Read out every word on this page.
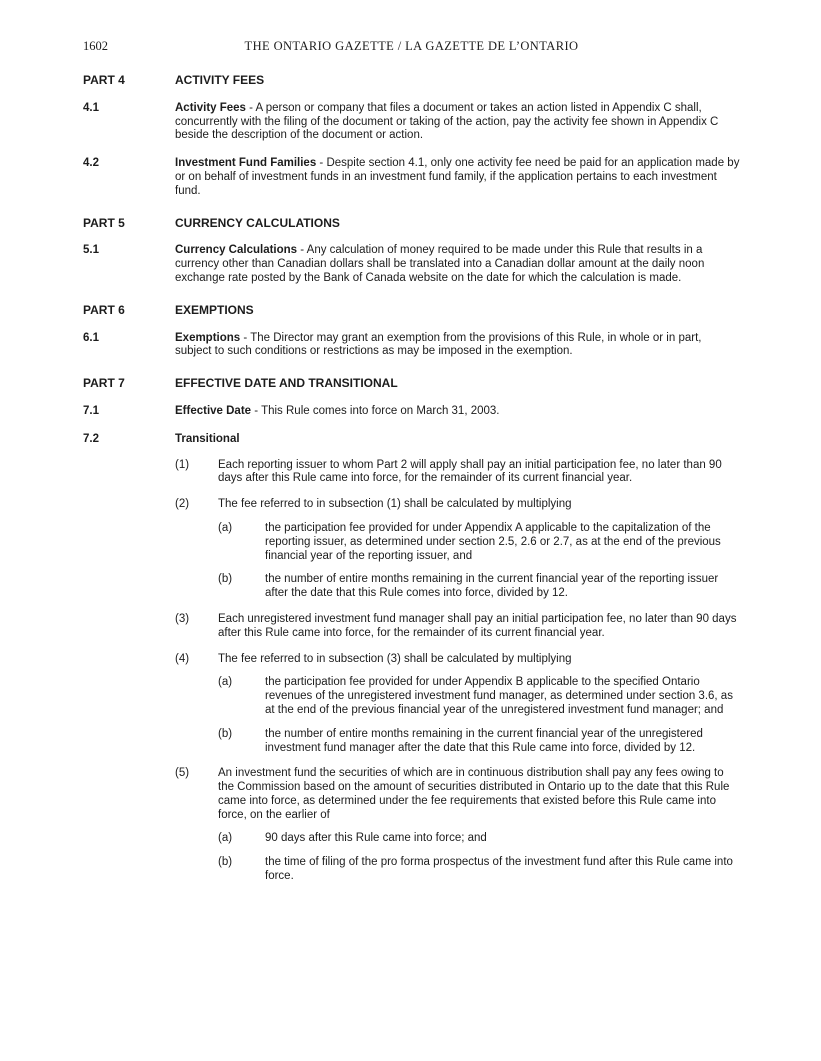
1602	THE ONTARIO GAZETTE / LA GAZETTE DE L’ONTARIO
PART 4	ACTIVITY FEES
4.1	Activity Fees - A person or company that files a document or takes an action listed in Appendix C shall, concurrently with the filing of the document or taking of the action, pay the activity fee shown in Appendix C beside the description of the document or action.
4.2	Investment Fund Families - Despite section 4.1, only one activity fee need be paid for an application made by or on behalf of investment funds in an investment fund family, if the application pertains to each investment fund.
PART 5	CURRENCY CALCULATIONS
5.1	Currency Calculations - Any calculation of money required to be made under this Rule that results in a currency other than Canadian dollars shall be translated into a Canadian dollar amount at the daily noon exchange rate posted by the Bank of Canada website on the date for which the calculation is made.
PART 6	EXEMPTIONS
6.1	Exemptions - The Director may grant an exemption from the provisions of this Rule, in whole or in part, subject to such conditions or restrictions as may be imposed in the exemption.
PART 7	EFFECTIVE DATE AND TRANSITIONAL
7.1	Effective Date - This Rule comes into force on March 31, 2003.
7.2	Transitional
(1)	Each reporting issuer to whom Part 2 will apply shall pay an initial participation fee, no later than 90 days after this Rule came into force, for the remainder of its current financial year.
(2)	The fee referred to in subsection (1) shall be calculated by multiplying
(a)	the participation fee provided for under Appendix A applicable to the capitalization of the reporting issuer, as determined under section 2.5, 2.6 or 2.7, as at the end of the previous financial year of the reporting issuer, and
(b)	the number of entire months remaining in the current financial year of the reporting issuer after the date that this Rule comes into force, divided by 12.
(3)	Each unregistered investment fund manager shall pay an initial participation fee, no later than 90 days after this Rule came into force, for the remainder of its current financial year.
(4)	The fee referred to in subsection (3) shall be calculated by multiplying
(a)	the participation fee provided for under Appendix B applicable to the specified Ontario revenues of the unregistered investment fund manager, as determined under section 3.6, as at the end of the previous financial year of the unregistered investment fund manager; and
(b)	the number of entire months remaining in the current financial year of the unregistered investment fund manager after the date that this Rule came into force, divided by 12.
(5)	An investment fund the securities of which are in continuous distribution shall pay any fees owing to the Commission based on the amount of securities distributed in Ontario up to the date that this Rule came into force, as determined under the fee requirements that existed before this Rule came into force, on the earlier of
(a)	90 days after this Rule came into force; and
(b)	the time of filing of the pro forma prospectus of the investment fund after this Rule came into force.
